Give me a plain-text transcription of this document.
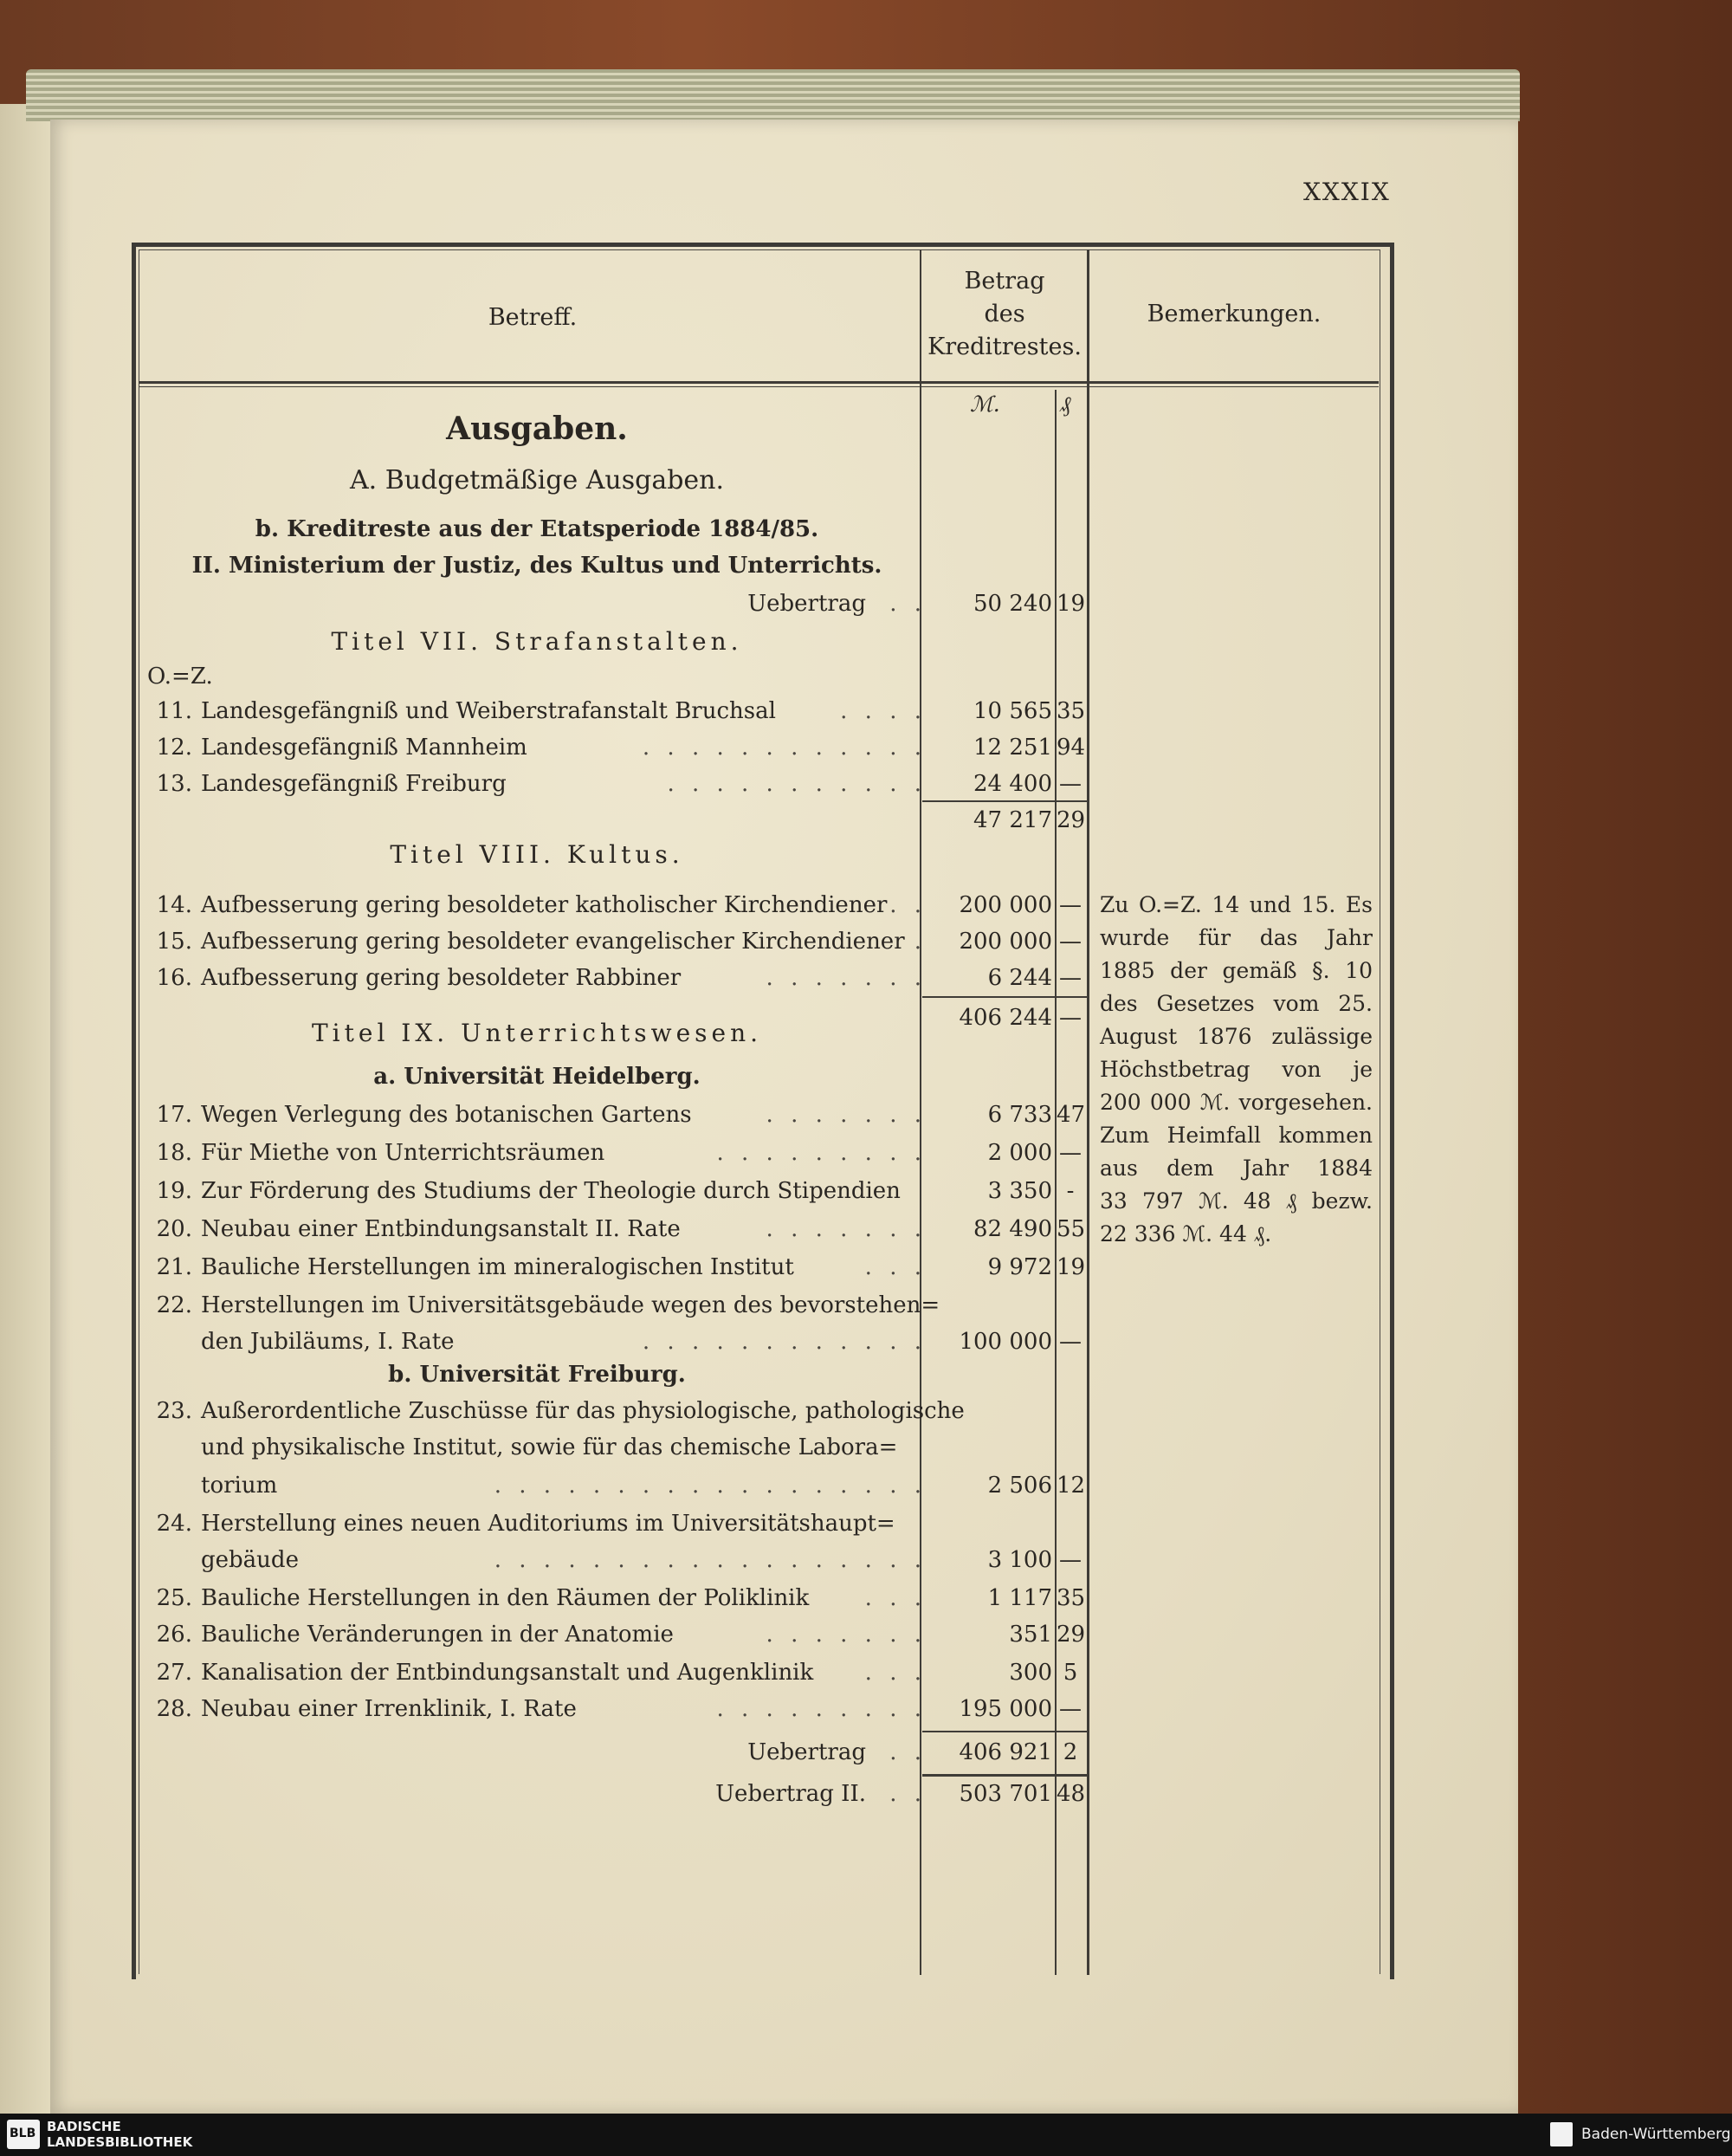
XXXIX
Betreff.
Betrag
des
Kreditrestes.
Bemerkungen.
ℳ.	₰
Ausgaben.
A. Budgetmäßige Ausgaben.
b. Kreditreste aus der Etatsperiode 1884/85.
II. Ministerium der Justiz, des Kultus und Unterrichts.
Uebertrag . .	50 240 19
Titel VII. Strafanstalten.
O.=Z.
11. Landesgefängniß und Weiberstrafanstalt Bruchsal	. . . .	10 565 35
12. Landesgefängniß Mannheim	. . . . . . . . . . . .	12 251 94
13. Landesgefängniß Freiburg	. . . . . . . . . . .	24 400 —
47 217 29
Titel VIII. Kultus.
14. Aufbesserung gering besoldeter katholischer Kirchendiener . .	200 000 —
15. Aufbesserung gering besoldeter evangelischer Kirchendiener .	200 000 —
16. Aufbesserung gering besoldeter Rabbiner	. . . . . . .	6 244 —
406 244 —
Titel IX. Unterrichtswesen.
a. Universität Heidelberg.
17. Wegen Verlegung des botanischen Gartens	. . . . . . .	6 733 47
18. Für Miethe von Unterrichtsräumen	. . . . . . . . .	2 000 —
19. Zur Förderung des Studiums der Theologie durch Stipendien	3 350 -
20. Neubau einer Entbindungsanstalt II. Rate	. . . . . . .	82 490 55
21. Bauliche Herstellungen im mineralogischen Institut	. . .	9 972 19
22. Herstellungen im Universitätsgebäude wegen des bevorstehen=
den Jubiläums, I. Rate	. . . . . . . . . . . .	100 000 —
b. Universität Freiburg.
23. Außerordentliche Zuschüsse für das physiologische, pathologische
und physikalische Institut, sowie für das chemische Labora=
torium	. . . . . . . . . . . . . . . . . .	2 506 12
24. Herstellung eines neuen Auditoriums im Universitätshaupt=
gebäude	. . . . . . . . . . . . . . . . . .	3 100 —
25. Bauliche Herstellungen in den Räumen der Poliklinik . . .	1 117 35
26. Bauliche Veränderungen in der Anatomie	. . . . . . .	351 29
27. Kanalisation der Entbindungsanstalt und Augenklinik . . .	300 5
28. Neubau einer Irrenklinik, I. Rate	. . . . . . . . .	195 000 —
Uebertrag . .	406 921 2
Uebertrag II. . .	503 701 48
Zu O.=Z. 14 und 15. Es
wurde für das Jahr
1885 der gemäß §. 10
des Gesetzes vom 25.
August 1876 zulässige
Höchstbetrag von je
200 000 ℳ. vorgesehen.
Zum Heimfall kommen
aus dem Jahr 1884
33 797 ℳ. 48 ₰ bezw.
22 336 ℳ. 44 ₰.
BLB BADISCHE
LANDESBIBLIOTHEK	Baden-Württemberg
